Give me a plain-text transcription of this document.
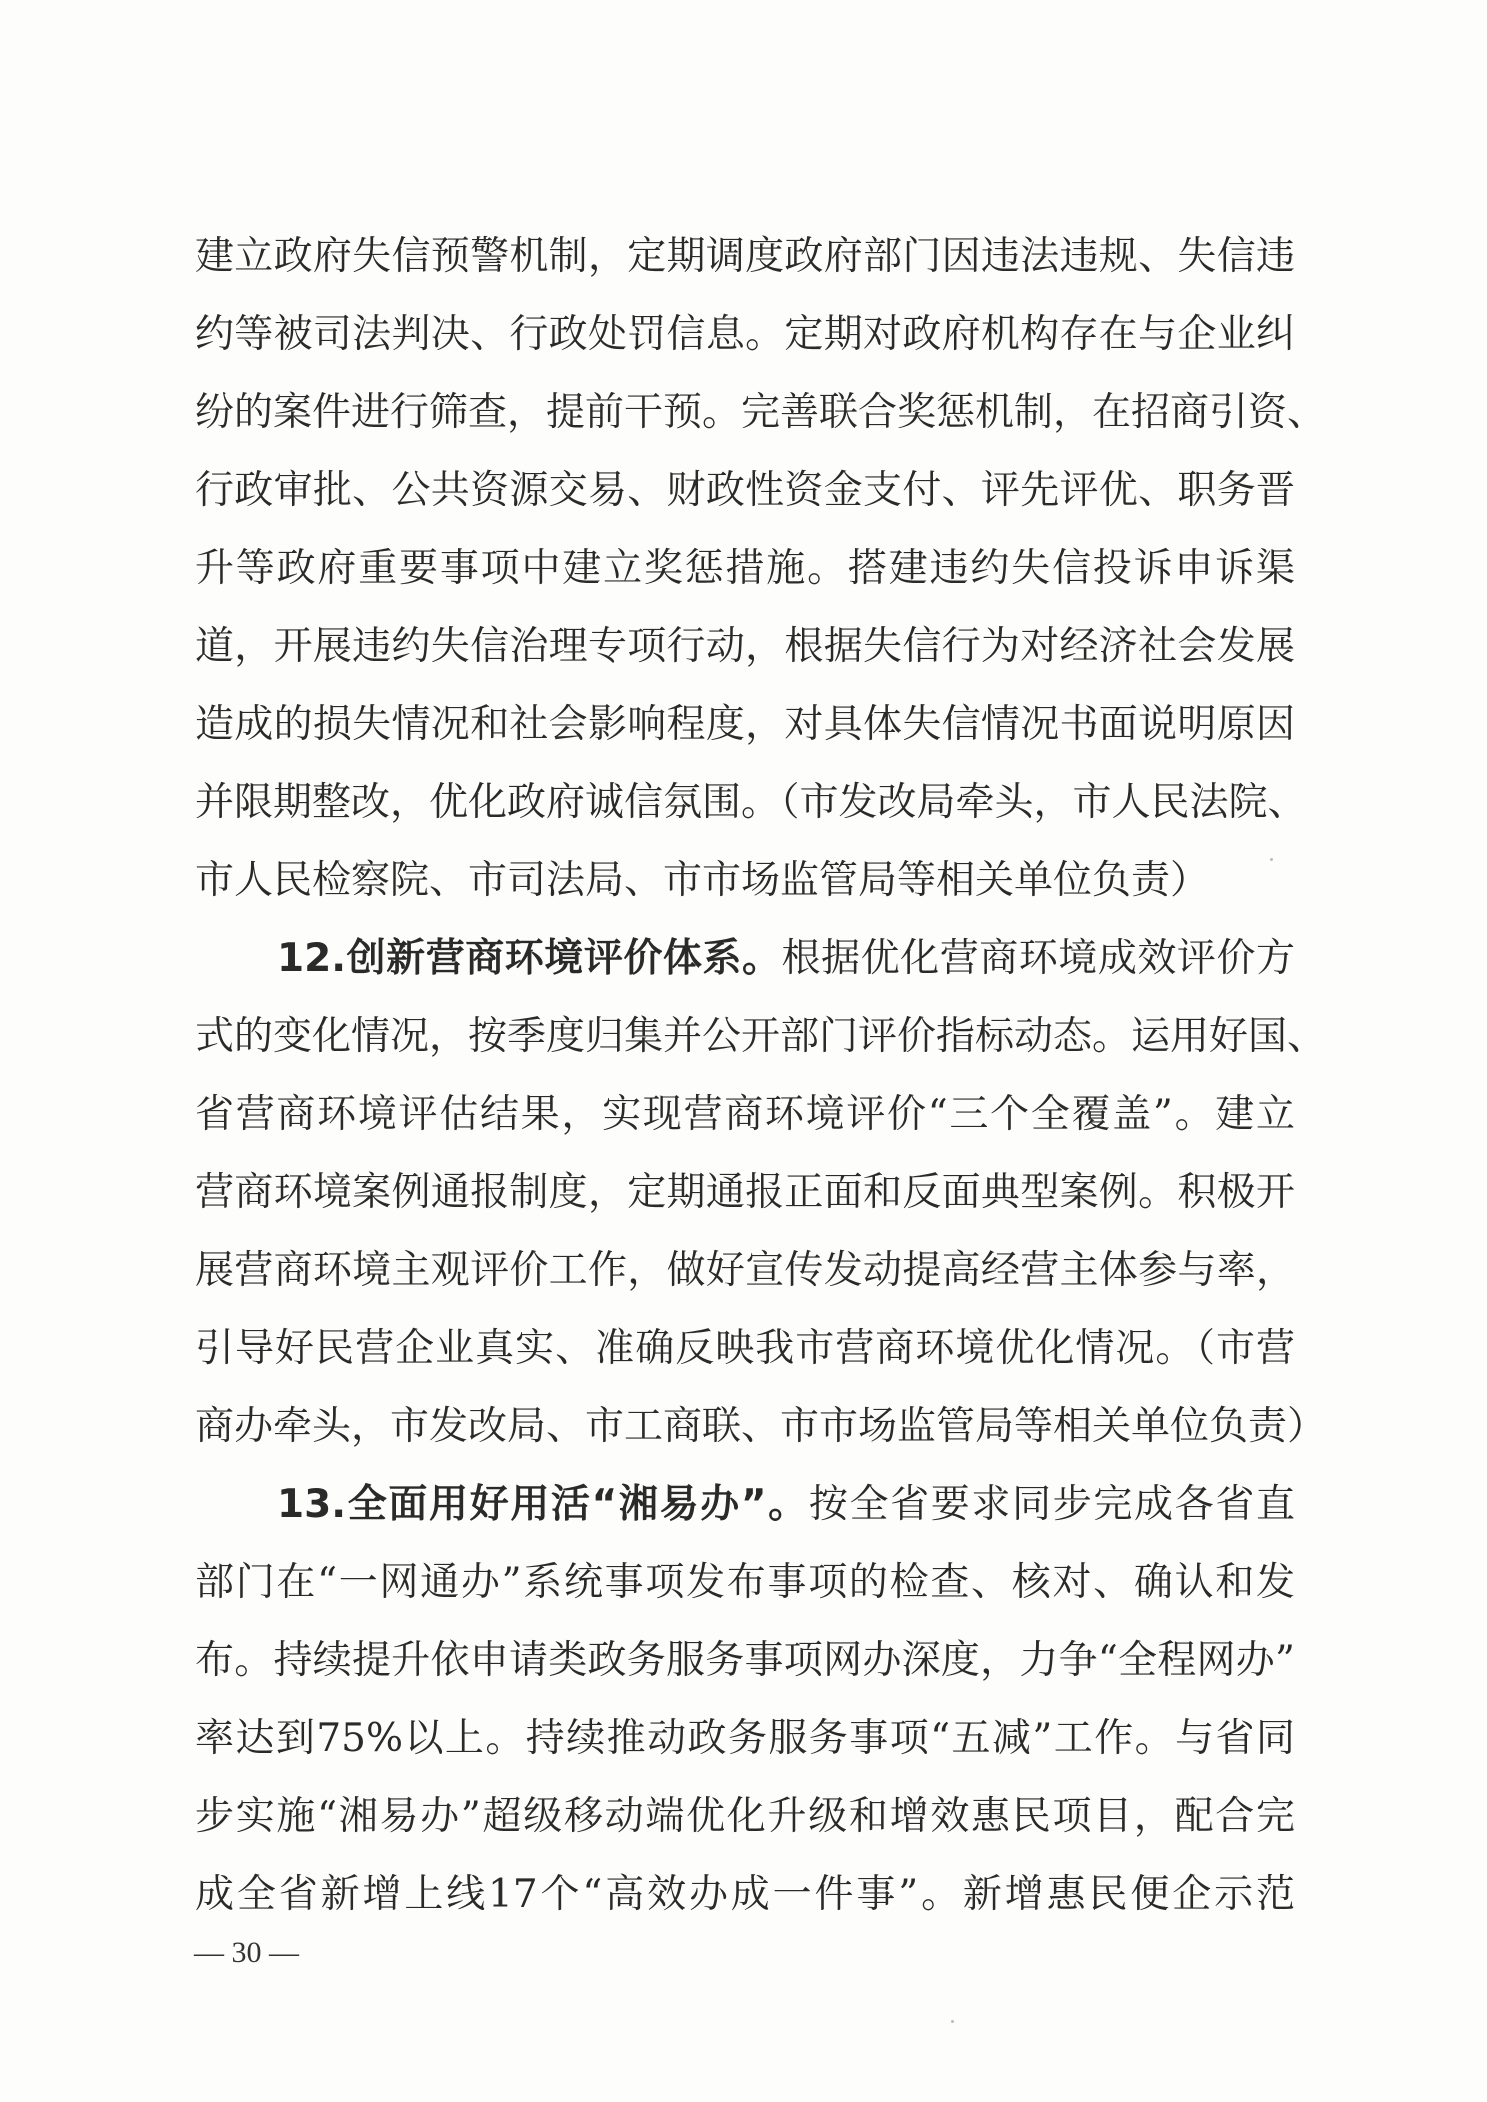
建立政府失信预警机制，定期调度政府部门因违法违规、失信违
约等被司法判决、行政处罚信息。定期对政府机构存在与企业纠
纷的案件进行筛查，提前干预。完善联合奖惩机制，在招商引资、
行政审批、公共资源交易、财政性资金支付、评先评优、职务晋
升等政府重要事项中建立奖惩措施。搭建违约失信投诉申诉渠
道，开展违约失信治理专项行动，根据失信行为对经济社会发展
造成的损失情况和社会影响程度，对具体失信情况书面说明原因
并限期整改，优化政府诚信氛围。（市发改局牵头，市人民法院、
市人民检察院、市司法局、市市场监管局等相关单位负责）
12.创新营商环境评价体系。根据优化营商环境成效评价方
式的变化情况，按季度归集并公开部门评价指标动态。运用好国、
省营商环境评估结果，实现营商环境评价“三个全覆盖”。建立
营商环境案例通报制度，定期通报正面和反面典型案例。积极开
展营商环境主观评价工作，做好宣传发动提高经营主体参与率，
引导好民营企业真实、准确反映我市营商环境优化情况。（市营
商办牵头，市发改局、市工商联、市市场监管局等相关单位负责）
13.全面用好用活“湘易办”。按全省要求同步完成各省直
部门在“一网通办”系统事项发布事项的检查、核对、确认和发
布。持续提升依申请类政务服务事项网办深度，力争“全程网办”
率达到75%以上。持续推动政务服务事项“五减”工作。与省同
步实施“湘易办”超级移动端优化升级和增效惠民项目，配合完
成全省新增上线17个“高效办成一件事”。新增惠民便企示范
— 30 —
